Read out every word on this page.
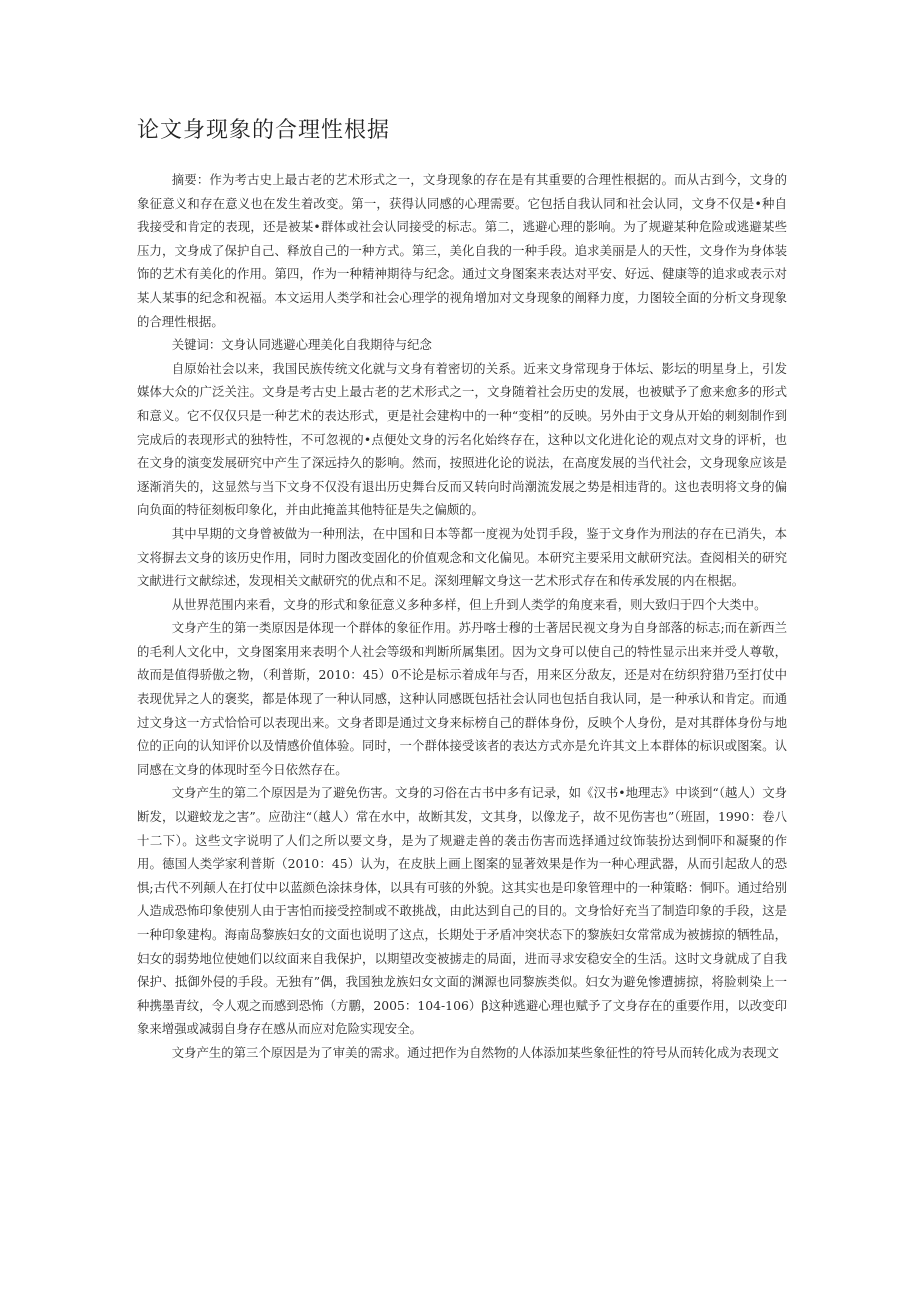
论文身现象的合理性根据

摘要：作为考古史上最古老的艺术形式之一，文身现象的存在是有其重要的合理性根据的。而从古到今，文身的象征意义和存在意义也在发生着改变。第一，获得认同感的心理需要。它包括自我认同和社会认同，文身不仅是•种自我接受和肯定的表现，还是被某•群体或社会认同接受的标志。第二，逃避心理的影响。为了规避某种危险或逃避某些压力，文身成了保护自己、释放自己的一种方式。第三，美化自我的一种手段。追求美丽是人的天性，文身作为身体装饰的艺术有美化的作用。第四，作为一种精神期待与纪念。通过文身图案来表达对平安、好远、健康等的追求或表示对某人某事的纪念和祝福。本文运用人类学和社会心理学的视角增加对文身现象的阐释力度，力图较全面的分析文身现象的合理性根据。

关键词：文身认同逃避心理美化自我期待与纪念

自原始社会以来，我国民族传统文化就与文身有着密切的关系。近来文身常现身于体坛、影坛的明星身上，引发媒体大众的广泛关注。文身是考古史上最古老的艺术形式之一，文身随着社会历史的发展，也被赋予了愈来愈多的形式和意义。它不仅仅只是一种艺术的表达形式，更是社会建构中的一种“变相”的反映。另外由于文身从开始的刺刻制作到完成后的表现形式的独特性，不可忽视的•点便处文身的污名化始终存在，这种以文化进化论的观点对文身的评析，也在文身的演变发展研究中产生了深远持久的影响。然而，按照进化论的说法，在高度发展的当代社会，文身现象应该是逐渐消失的，这显然与当下文身不仅没有退出历史舞台反而又转向时尚潮流发展之势是相违背的。这也表明将文身的偏向负面的特征刻板印象化，并由此掩盖其他特征是失之偏颇的。

其中早期的文身曾被做为一种刑法，在中国和日本等都一度视为处罚手段，鉴于文身作为刑法的存在已消失，本文将摒去文身的该历史作用，同时力图改变固化的价值观念和文化偏见。本研究主要采用文献研究法。查阅相关的研究文献进行文献综述，发现相关文献研究的优点和不足。深刻理解文身这一艺术形式存在和传承发展的内在根据。

从世界范围内来看，文身的形式和象征意义多种多样，但上升到人类学的角度来看，则大致归于四个大类中。

文身产生的第一类原因是体现一个群体的象征作用。苏丹喀士穆的士著居民视文身为自身部落的标志;而在新西兰的毛利人文化中，文身图案用来表明个人社会等级和判断所属集团。因为文身可以使自己的特性显示出来并受人尊敬，故而是值得骄傲之物，（利普斯，2010：45）0不论是标示着成年与否，用来区分敌友，还是对在纺织狩猎乃至打仗中表现优异之人的褒奖，都是体现了一种认同感，这种认同感既包括社会认同也包括自我认同，是一种承认和肯定。而通过文身这一方式恰恰可以表现出来。文身者即是通过文身来标榜自己的群体身份，反映个人身份，是对其群体身份与地位的正向的认知评价以及情感价值体验。同时，一个群体接受该者的表达方式亦是允许其文上本群体的标识或图案。认同感在文身的体现时至今日依然存在。

文身产生的第二个原因是为了避免伤害。文身的习俗在古书中多有记录，如《汉书•地理志》中谈到“（越人）文身断发，以避蛟龙之害”。应劭注“（越人）常在水中，故断其发，文其身，以像龙子，故不见伤害也”（班固，1990：卷八十二下）。这些文字说明了人们之所以要文身，是为了规避走兽的袭击伤害而选择通过纹饰装扮达到恫吓和凝聚的作用。德国人类学家利普斯（2010：45）认为，在皮肤上画上图案的显著效果是作为一种心理武器，从而引起敌人的恐惧;古代不列颠人在打仗中以蓝颜色涂抹身体，以具有可骇的外貌。这其实也是印象管理中的一种策略：恫吓。通过给别人造成恐怖印象使别人由于害怕而接受控制或不敢挑战，由此达到自己的目的。文身恰好充当了制造印象的手段，这是一种印象建构。海南岛黎族妇女的文面也说明了这点，长期处于矛盾冲突状态下的黎族妇女常常成为被掳掠的牺牲品，妇女的弱势地位使她们以纹面来自我保护，以期望改变被掳走的局面，进而寻求安稳安全的生活。这时文身就成了自我保护、抵御外侵的手段。无独有”偶，我国独龙族妇女文面的渊源也同黎族类似。妇女为避免惨遭掳掠，将脸刺染上一种携墨青纹，令人观之而感到恐怖（方鹏，2005：104-106）β这种逃避心理也赋予了文身存在的重要作用，以改变印象来增强或减弱自身存在感从而应对危险实现安全。

文身产生的第三个原因是为了审美的需求。通过把作为自然物的人体添加某些象征性的符号从而转化成为表现文
